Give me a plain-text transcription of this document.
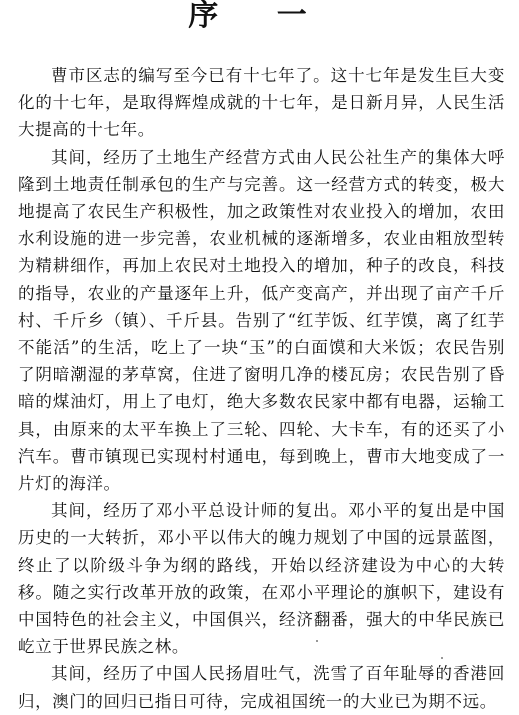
序 一

曹市区志的编写至今已有十七年了。这十七年是发生巨大变化的十七年，是取得辉煌成就的十七年，是日新月异，人民生活大提高的十七年。

其间，经历了土地生产经营方式由人民公社生产的集体大呼隆到土地责任制承包的生产与完善。这一经营方式的转变，极大地提高了农民生产积极性，加之政策性对农业投入的增加，农田水利设施的进一步完善，农业机械的逐渐增多，农业由粗放型转为精耕细作，再加上农民对土地投入的增加，种子的改良，科技的指导，农业的产量逐年上升，低产变高产，并出现了亩产千斤村、千斤乡（镇）、千斤县。告别了“红芋饭、红芋馍，离了红芋不能活”的生活，吃上了一块“玉”的白面馍和大米饭；农民告别了阴暗潮湿的茅草窝，住进了窗明几净的楼瓦房；农民告别了昏暗的煤油灯，用上了电灯，绝大多数农民家中都有电器，运输工具，由原来的太平车换上了三轮、四轮、大卡车，有的还买了小汽车。曹市镇现已实现村村通电，每到晚上，曹市大地变成了一片灯的海洋。

其间，经历了邓小平总设计师的复出。邓小平的复出是中国历史的一大转折，邓小平以伟大的魄力规划了中国的远景蓝图，终止了以阶级斗争为纲的路线，开始以经济建设为中心的大转移。随之实行改革开放的政策，在邓小平理论的旗帜下，建设有中国特色的社会主义，中国俱兴，经济翻番，强大的中华民族已屹立于世界民族之林。

其间，经历了中国人民扬眉吐气，洗雪了百年耻辱的香港回归，澳门的回归已指日可待，完成祖国统一的大业已为期不远。
